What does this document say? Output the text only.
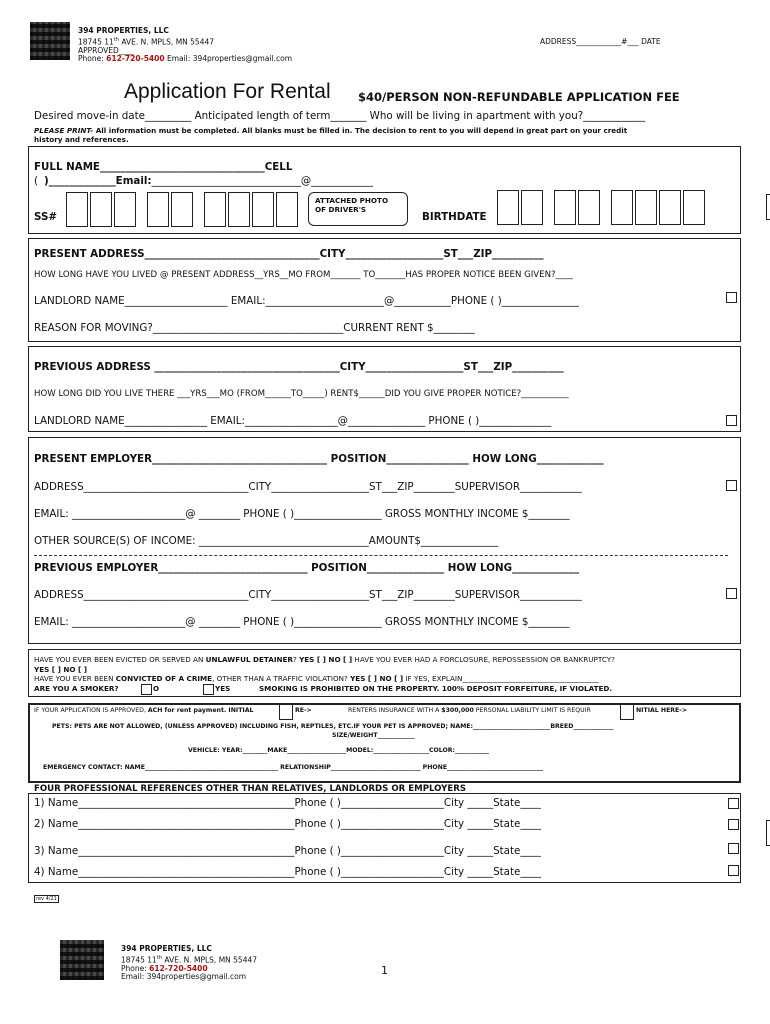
394 PROPERTIES, LLC
18745 11th AVE. N. MPLS, MN 55447
APPROVED____
Phone: 612-720-5400 Email: 394properties@gmail.com
ADDRESS____________#___ DATE
Application For Rental $40/PERSON NON-REFUNDABLE APPLICATION FEE
Desired move-in date_________ Anticipated length of term_______ Who will be living in apartment with you?____________
PLEASE PRINT- All information must be completed. All blanks must be filled in. The decision to rent to you will depend in great part on your credit
history and references.
FULL NAME________________________________CELL
( )_____________Email:_____________________________@____________
SS#
ATTACHED PHOTO OF DRIVER'S
BIRTHDATE
PRESENT ADDRESS__________________________________CITY___________________ST___ZIP__________
HOW LONG HAVE YOU LIVED @ PRESENT ADDRESS__YRS__MO FROM_______ TO_______HAS PROPER NOTICE BEEN GIVEN?____
LANDLORD NAME____________________ EMAIL:_______________________@___________PHONE ( )_______________
REASON FOR MOVING?_____________________________________CURRENT RENT $________
PREVIOUS ADDRESS ____________________________________CITY___________________ST___ZIP__________
HOW LONG DID YOU LIVE THERE ___YRS___MO (FROM______TO_____) RENT$______DID YOU GIVE PROPER NOTICE?___________
LANDLORD NAME________________ EMAIL:__________________@_______________ PHONE ( )______________
PRESENT EMPLOYER__________________________________ POSITION________________ HOW LONG_____________
ADDRESS________________________________CITY___________________ST___ZIP________SUPERVISOR____________
EMAIL: ______________________@ ________ PHONE ( )_________________ GROSS MONTHLY INCOME $________
OTHER SOURCE(S) OF INCOME: _________________________________AMOUNT$_______________
PREVIOUS EMPLOYER_____________________________ POSITION_______________ HOW LONG_____________
ADDRESS________________________________CITY___________________ST___ZIP________SUPERVISOR____________
EMAIL: ______________________@ ________ PHONE ( )_________________ GROSS MONTHLY INCOME $________
HAVE YOU EVER BEEN EVICTED OR SERVED AN UNLAWFUL DETAINER? YES [ ] NO [ ] HAVE YOU EVER HAD A FORCLOSURE, REPOSSESSION OR BANKRUPTCY?
YES [ ] NO [ ]
HAVE YOU EVER BEEN CONVICTED OF A CRIME, OTHER THAN A TRAFFIC VIOLATION? YES [ ] NO [ ] IF YES, EXPLAIN______________________________________
ARE YOU A SMOKER?	O	YES	SMOKING IS PROHIBITED ON THE PROPERTY. 100% DEPOSIT FORFEITURE, IF VIOLATED.
IF YOUR APPLICATION IS APPROVED, ACH for rent payment. INITIAL	RE->	RENTERS INSURANCE WITH A $300,000 PERSONAL LIABILITY LIMIT IS REQUIR	NITIAL HERE->
PETS: PETS ARE NOT ALLOWED, (UNLESS APPROVED) INCLUDING FISH, REPTILES, ETC.IF YOUR PET IS APPROVED; NAME:_________________________BREED_____________
SIZE/WEIGHT____________
VEHICLE: YEAR:________MAKE___________________MODEL:__________________COLOR:___________
EMERGENCY CONTACT: NAME___________________________________________ RELATIONSHIP_____________________________ PHONE_______________________________
FOUR PROFESSIONAL REFERENCES OTHER THAN RELATIVES, LANDLORDS OR EMPLOYERS
1) Name__________________________________________Phone ( )____________________City _____State____
2) Name__________________________________________Phone ( )____________________City _____State____
3) Name__________________________________________Phone ( )____________________City _____State____
4) Name__________________________________________Phone ( )____________________City _____State____
rev 4/21
394 PROPERTIES, LLC
18745 11th AVE. N. MPLS, MN 55447
Phone: 612-720-5400
Email: 394properties@gmail.com	1
